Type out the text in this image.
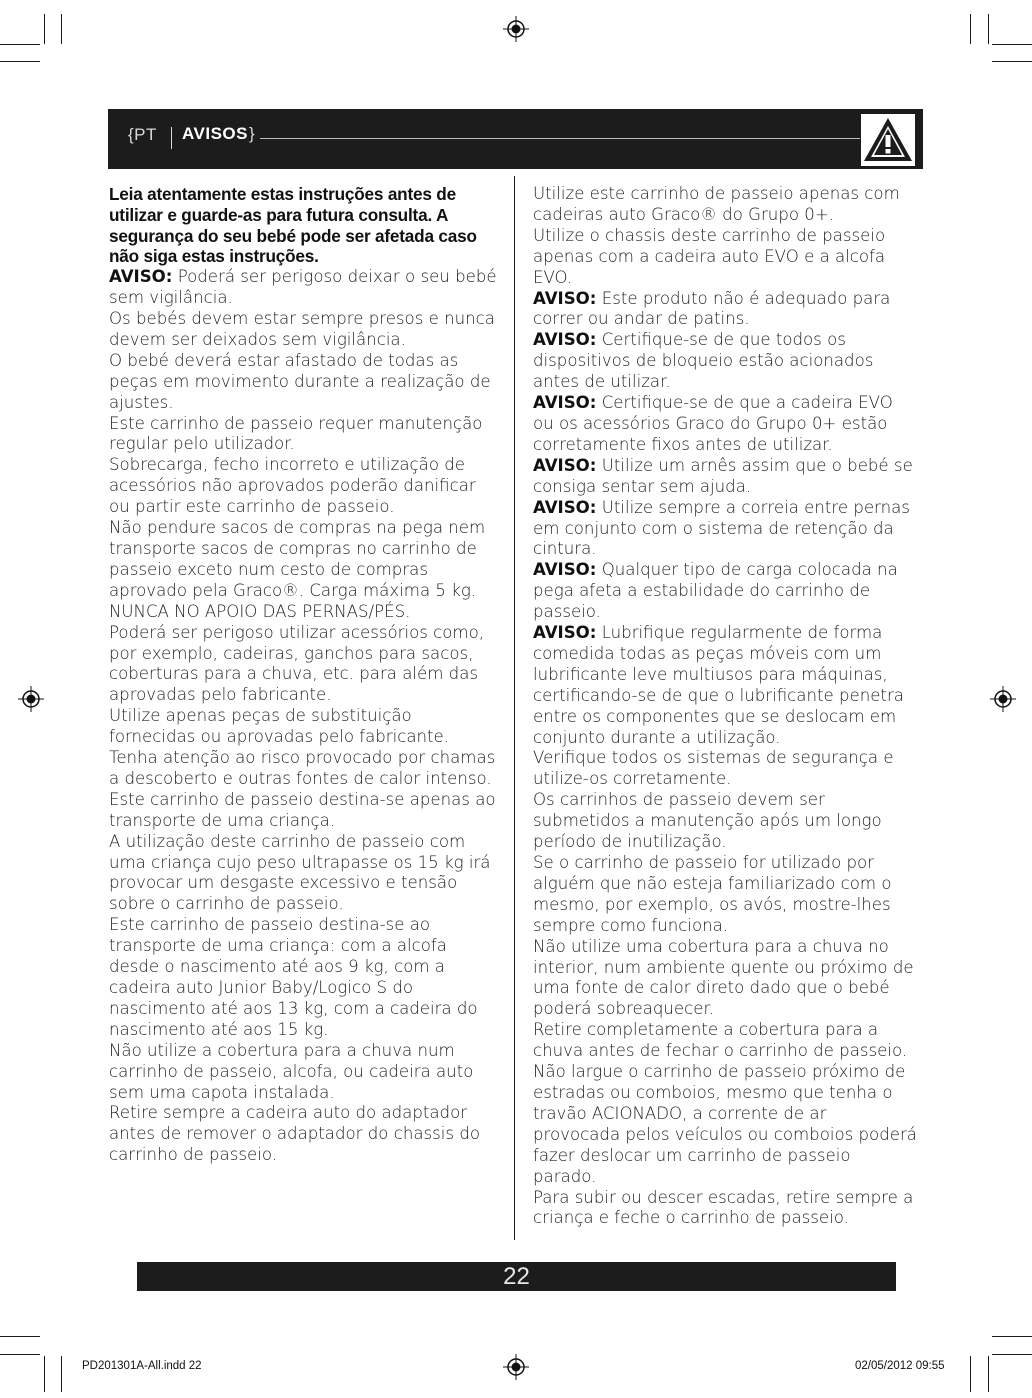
{PT AVISOS }

Leia atentamente estas instruções antes de utilizar e guarde-as para futura consulta. A segurança do seu bebé pode ser afetada caso não siga estas instruções.

AVISO: Poderá ser perigoso deixar o seu bebé sem vigilância.

Os bebés devem estar sempre presos e nunca devem ser deixados sem vigilância.

O bebé deverá estar afastado de todas as peças em movimento durante a realização de ajustes.

Este carrinho de passeio requer manutenção regular pelo utilizador.

Sobrecarga, fecho incorreto e utilização de acessórios não aprovados poderão danificar ou partir este carrinho de passeio.

Não pendure sacos de compras na pega nem transporte sacos de compras no carrinho de passeio exceto num cesto de compras aprovado pela Graco®. Carga máxima 5 kg. NUNCA NO APOIO DAS PERNAS/PÉS.

Poderá ser perigoso utilizar acessórios como, por exemplo, cadeiras, ganchos para sacos, coberturas para a chuva, etc. para além das aprovadas pelo fabricante.

Utilize apenas peças de substituição fornecidas ou aprovadas pelo fabricante.

Tenha atenção ao risco provocado por chamas a descoberto e outras fontes de calor intenso.

Este carrinho de passeio destina-se apenas ao transporte de uma criança.

A utilização deste carrinho de passeio com uma criança cujo peso ultrapasse os 15 kg irá provocar um desgaste excessivo e tensão sobre o carrinho de passeio.

Este carrinho de passeio destina-se ao transporte de uma criança: com a alcofa desde o nascimento até aos 9 kg, com a cadeira auto Junior Baby/Logico S do nascimento até aos 13 kg, com a cadeira do nascimento até aos 15 kg.

Não utilize a cobertura para a chuva num carrinho de passeio, alcofa, ou cadeira auto sem uma capota instalada.

Retire sempre a cadeira auto do adaptador antes de remover o adaptador do chassis do carrinho de passeio.

Utilize este carrinho de passeio apenas com cadeiras auto Graco® do Grupo 0+.

Utilize o chassis deste carrinho de passeio apenas com a cadeira auto EVO e a alcofa EVO.

AVISO: Este produto não é adequado para correr ou andar de patins.

AVISO: Certifique-se de que todos os dispositivos de bloqueio estão acionados antes de utilizar.

AVISO: Certifique-se de que a cadeira EVO ou os acessórios Graco do Grupo 0+ estão corretamente fixos antes de utilizar.

AVISO: Utilize um arnês assim que o bebé se consiga sentar sem ajuda.

AVISO: Utilize sempre a correia entre pernas em conjunto com o sistema de retenção da cintura.

AVISO: Qualquer tipo de carga colocada na pega afeta a estabilidade do carrinho de passeio.

AVISO: Lubrifique regularmente de forma comedida todas as peças móveis com um lubrificante leve multiusos para máquinas, certificando-se de que o lubrificante penetra entre os componentes que se deslocam em conjunto durante a utilização.

Verifique todos os sistemas de segurança e utilize-os corretamente.

Os carrinhos de passeio devem ser submetidos a manutenção após um longo período de inutilização.

Se o carrinho de passeio for utilizado por alguém que não esteja familiarizado com o mesmo, por exemplo, os avós, mostre-lhes sempre como funciona.

Não utilize uma cobertura para a chuva no interior, num ambiente quente ou próximo de uma fonte de calor direto dado que o bebé poderá sobreaquecer.

Retire completamente a cobertura para a chuva antes de fechar o carrinho de passeio.

Não largue o carrinho de passeio próximo de estradas ou comboios, mesmo que tenha o travão ACIONADO, a corrente de ar provocada pelos veículos ou comboios poderá fazer deslocar um carrinho de passeio parado.

Para subir ou descer escadas, retire sempre a criança e feche o carrinho de passeio.

22
PD201301A-All.indd 22	02/05/2012 09:55
